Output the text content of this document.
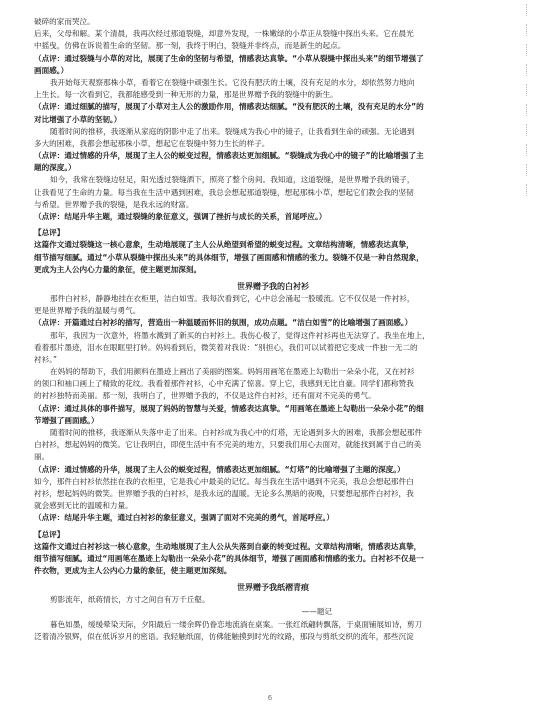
破碎的家而哭泣。
后来，父母和解。某个清晨，我再次经过那道裂缝，却意外发现，一株嫩绿的小草正从裂缝中探出头来。它在晨光
中摇曳，仿佛在诉说着生命的坚韧。那一刻，我终于明白，裂缝并非终点，而是新生的起点。
（点评：通过裂缝与小草的对比，展现了生命的坚韧与希望，情感表达真挚。“小草从裂缝中探出头来”的细节增强了
画面感。）
我开始每天观察那株小草，看着它在裂缝中顽强生长。它没有肥沃的土壤，没有充足的水分，却依然努力地向
上生长。每一次看到它，我都能感受到一种无形的力量，那是世界赠予我的裂缝中的新生。
（点评：通过细腻的描写，展现了小草对主人公的激励作用，情感表达细腻。“没有肥沃的土壤，没有充足的水分”的
对比增强了小草的坚韧。）
随着时间的推移，我逐渐从家庭的阴影中走了出来。裂缝成为我心中的镜子，让我看到生命的顽强。无论遇到
多大的困难，我都会想起那株小草，想起它在裂缝中努力生长的样子。
（点评：通过情感的升华，展现了主人公的蜕变过程，情感表达更加细腻。“裂缝成为我心中的镜子”的比喻增强了主
题的深度。）
如今，我常在裂缝边驻足，阳光透过裂缝洒下，照亮了整个房间。我知道，这道裂缝，是世界赠予我的镜子，
让我看见了生命的力量。每当我在生活中遇到困难，我总会想起那道裂缝，想起那株小草，想起它们教会我的坚韧
与希望。世界赠予我的裂缝，是我永远的财富。
（点评：结尾升华主题，通过裂缝的象征意义，强调了挫折与成长的关系，首尾呼应。）
【总评】
这篇作文通过裂缝这一核心意象，生动地展现了主人公从绝望到希望的蜕变过程。文章结构清晰，情感表达真挚，
细节描写细腻。通过“小草从裂缝中探出头来”的具体细节，增强了画面感和情感的张力。裂缝不仅是一种自然现象，
更成为主人公内心力量的象征，使主题更加深刻。
世界赠予我的白衬衫
那件白衬衫，静静地挂在衣柜里，洁白如雪。我每次看到它，心中总会涌起一股暖流。它不仅仅是一件衬衫，
更是世界赠予我的温暖与勇气。
（点评：开篇通过白衬衫的描写，营造出一种温暖而怀旧的氛围，成功点题。“洁白如雪”的比喻增强了画面感。）
那年，我因为一次意外，将墨水溅到了新买的白衬衫上。我伤心极了，觉得这件衬衫再也无法穿了。我坐在地上，
看着那片墨迹，泪水在眼眶里打转。妈妈看到后，微笑着对我说：“别担心，我们可以试着把它变成一件独一无二的
衬衫。”
在妈妈的帮助下，我们用颜料在墨迹上画出了美丽的图案。妈妈用画笔在墨迹上勾勒出一朵朵小花，又在衬衫
的领口和袖口画上了精致的花纹。我看着那件衬衫，心中充满了惊喜。穿上它，我感到无比自豪。同学们都称赞我
的衬衫独特而美丽。那一刻，我明白了，世界赠予我的，不仅是这件白衬衫，还有面对不完美的勇气。
（点评：通过具体的事件描写，展现了妈妈的智慧与关爱，情感表达真挚。“用画笔在墨迹上勾勒出一朵朵小花”的细
节增强了画面感。）
随着时间的推移，我逐渐从失落中走了出来。白衬衫成为我心中的灯塔，无论遇到多大的困难，我都会想起那件
白衬衫，想起妈妈的微笑。它让我明白，即使生活中有不完美的地方，只要我们用心去面对，就能找到属于自己的美
丽。
（点评：通过情感的升华，展现了主人公的蜕变过程，情感表达更加细腻。“灯塔”的比喻增强了主题的深度。）
如今，那件白衬衫依然挂在我的衣柜里，它是我心中最美的记忆。每当我在生活中遇到不完美，我总会想起那件白
衬衫，想起妈妈的微笑。世界赠予我的白衬衫，是我永远的温暖。无论多么黑暗的夜晚，只要想起那件白衬衫，我
就会感到无比的温暖和力量。
（点评：结尾升华主题，通过白衬衫的象征意义，强调了面对不完美的勇气，首尾呼应。）
【总评】
这篇作文通过白衬衫这一核心意象，生动地展现了主人公从失落到自豪的转变过程。文章结构清晰，情感表达真挚，
细节描写细腻。通过“用画笔在墨迹上勾勒出一朵朵小花”的具体细节，增强了画面感和情感的张力。白衬衫不仅是一
件衣物，更成为主人公内心力量的象征，使主题更加深刻。
世界赠予我纸褶青痕
剪影流年，纸蒋情长，方寸之间自有万千丘壑。
——题记
暮色如墨，缓缓晕染天际，夕阳最后一缕余晖仍眷恋地流淌在桌案。一张红纸翩转飘落，于桌面铺展如诗，剪刀
泛着清冷银辉，似在低诉岁月的密语。我轻触纸面，仿佛能触摸到时光的纹路，那段与剪纸交织的流年，那些沉淀
6
